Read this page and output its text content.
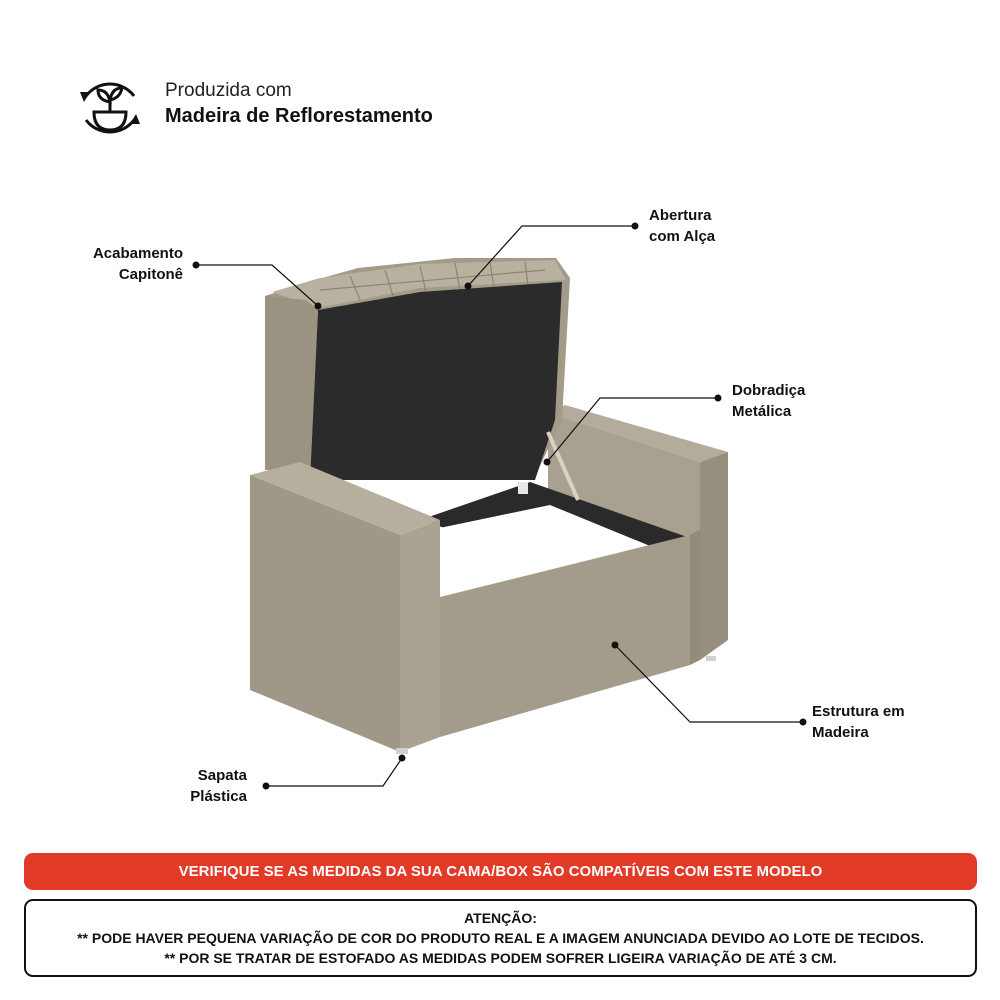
Produzida com
Madeira de Reflorestamento
Acabamento
Capitonê
Abertura
com Alça
Dobradiça
Metálica
Estrutura em
Madeira
Sapata
Plástica
VERIFIQUE SE AS MEDIDAS DA SUA CAMA/BOX SÃO COMPATÍVEIS COM ESTE MODELO
ATENÇÃO:
** PODE HAVER PEQUENA VARIAÇÃO DE COR DO PRODUTO REAL E A IMAGEM ANUNCIADA DEVIDO AO LOTE DE TECIDOS.
** POR SE TRATAR DE ESTOFADO AS MEDIDAS PODEM SOFRER LIGEIRA VARIAÇÃO DE ATÉ 3 CM.
